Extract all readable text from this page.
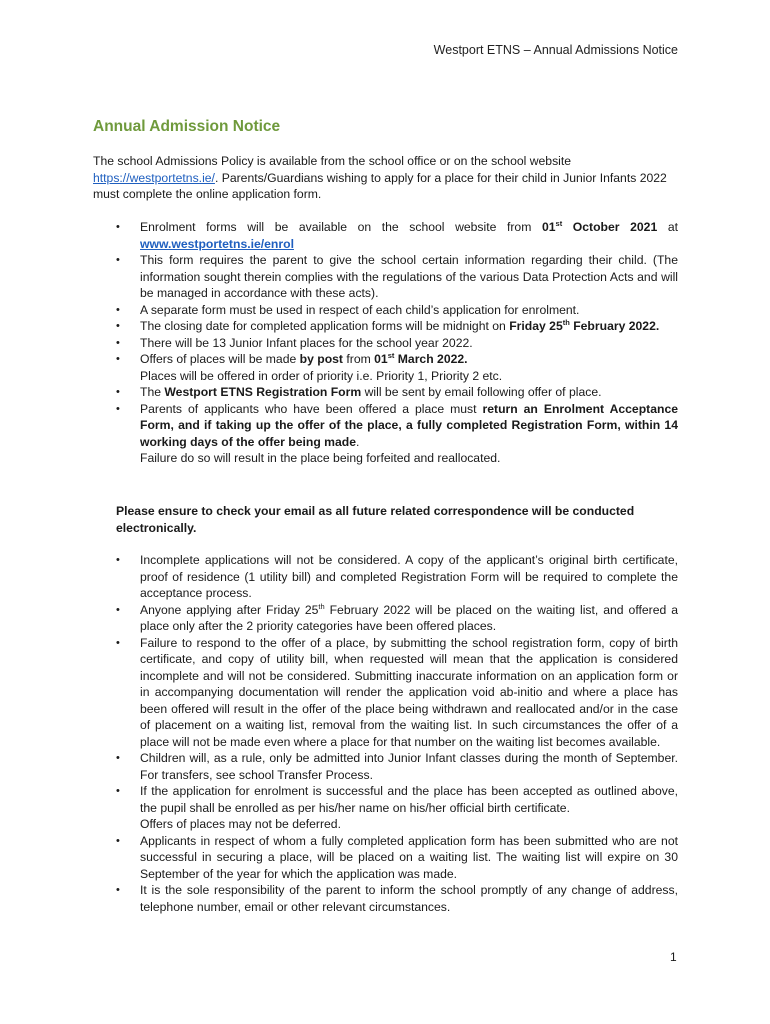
Westport ETNS – Annual Admissions Notice
Annual Admission Notice
The school Admissions Policy is available from the school office or on the school website https://westportetns.ie/. Parents/Guardians wishing to apply for a place for their child in Junior Infants 2022 must complete the online application form.
• Enrolment forms will be available on the school website from 01st October 2021 at www.westportetns.ie/enrol
• This form requires the parent to give the school certain information regarding their child. (The information sought therein complies with the regulations of the various Data Protection Acts and will be managed in accordance with these acts).
• A separate form must be used in respect of each child’s application for enrolment.
• The closing date for completed application forms will be midnight on Friday 25th February 2022.
• There will be 13 Junior Infant places for the school year 2022.
• Offers of places will be made by post from 01st March 2022.
Places will be offered in order of priority i.e. Priority 1, Priority 2 etc.
• The Westport ETNS Registration Form will be sent by email following offer of place.
• Parents of applicants who have been offered a place must return an Enrolment Acceptance Form, and if taking up the offer of the place, a fully completed Registration Form, within 14 working days of the offer being made.
Failure do so will result in the place being forfeited and reallocated.
Please ensure to check your email as all future related correspondence will be conducted electronically.
• Incomplete applications will not be considered. A copy of the applicant’s original birth certificate, proof of residence (1 utility bill) and completed Registration Form will be required to complete the acceptance process.
• Anyone applying after Friday 25th February 2022 will be placed on the waiting list, and offered a place only after the 2 priority categories have been offered places.
• Failure to respond to the offer of a place, by submitting the school registration form, copy of birth certificate, and copy of utility bill, when requested will mean that the application is considered incomplete and will not be considered. Submitting inaccurate information on an application form or in accompanying documentation will render the application void ab-initio and where a place has been offered will result in the offer of the place being withdrawn and reallocated and/or in the case of placement on a waiting list, removal from the waiting list. In such circumstances the offer of a place will not be made even where a place for that number on the waiting list becomes available.
• Children will, as a rule, only be admitted into Junior Infant classes during the month of September. For transfers, see school Transfer Process.
• If the application for enrolment is successful and the place has been accepted as outlined above, the pupil shall be enrolled as per his/her name on his/her official birth certificate.
Offers of places may not be deferred.
• Applicants in respect of whom a fully completed application form has been submitted who are not successful in securing a place, will be placed on a waiting list. The waiting list will expire on 30 September of the year for which the application was made.
• It is the sole responsibility of the parent to inform the school promptly of any change of address, telephone number, email or other relevant circumstances.
1
